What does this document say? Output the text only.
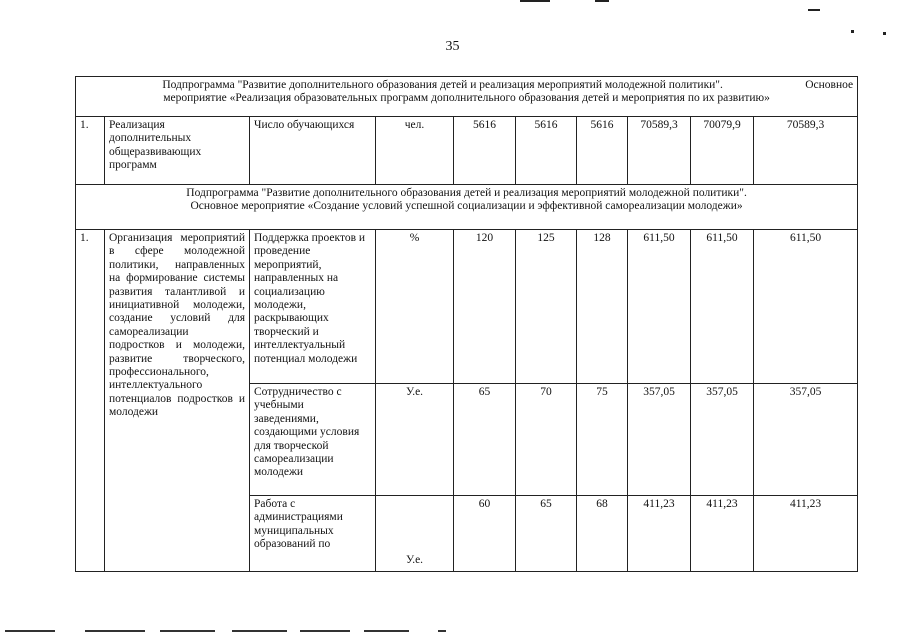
35
Подпрограмма "Развитие дополнительного образования детей и реализация мероприятий молодежной политики". Основное

мероприятие «Реализация образовательных программ дополнительного образования детей и мероприятия по их развитию»									
1.	Реализация дополнительных общеразвивающих программ	Число обучающихся	чел.	5616	5616	5616	70589,3	70079,9	70589,3
Подпрограмма "Развитие дополнительного образования детей и реализация мероприятий молодежной политики".
Основное мероприятие «Создание условий успешной социализации и эффективной самореализации молодежи»									
1.	Организация мероприятий в сфере молодежной политики, направленных на формирование системы развития талантливой и инициативной молодежи, создание условий для самореализации подростков и молодежи, развитие творческого, профессионального, интеллектуального потенциалов подростков и молодежи	Поддержка проектов и проведение мероприятий, направленных на социализацию молодежи, раскрывающих творческий и интеллектуальный потенциал молодежи	%	120	125	128	611,50	611,50	611,50
		Сотрудничество с учебными заведениями, создающими условия для творческой самореализации молодежи	У.е.	65	70	75	357,05	357,05	357,05
		Работа с администрациями муниципальных образований по	У.е.	60	65	68	411,23	411,23	411,23
